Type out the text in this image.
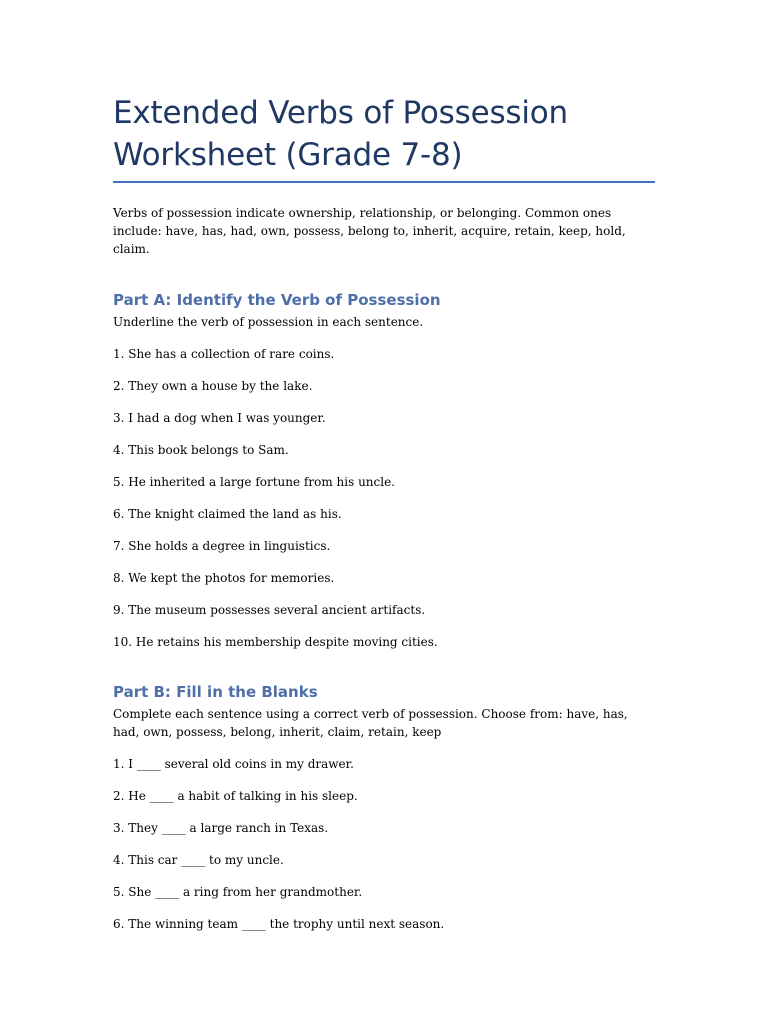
Extended Verbs of Possession
Worksheet (Grade 7-8)

Verbs of possession indicate ownership, relationship, or belonging. Common ones include: have, has, had, own, possess, belong to, inherit, acquire, retain, keep, hold, claim.

Part A: Identify the Verb of Possession

Underline the verb of possession in each sentence.

1. She has a collection of rare coins.

2. They own a house by the lake.

3. I had a dog when I was younger.

4. This book belongs to Sam.

5. He inherited a large fortune from his uncle.

6. The knight claimed the land as his.

7. She holds a degree in linguistics.

8. We kept the photos for memories.

9. The museum possesses several ancient artifacts.

10. He retains his membership despite moving cities.

Part B: Fill in the Blanks

Complete each sentence using a correct verb of possession. Choose from: have, has, had, own, possess, belong, inherit, claim, retain, keep

1. I ____ several old coins in my drawer.

2. He ____ a habit of talking in his sleep.

3. They ____ a large ranch in Texas.

4. This car ____ to my uncle.

5. She ____ a ring from her grandmother.

6. The winning team ____ the trophy until next season.
